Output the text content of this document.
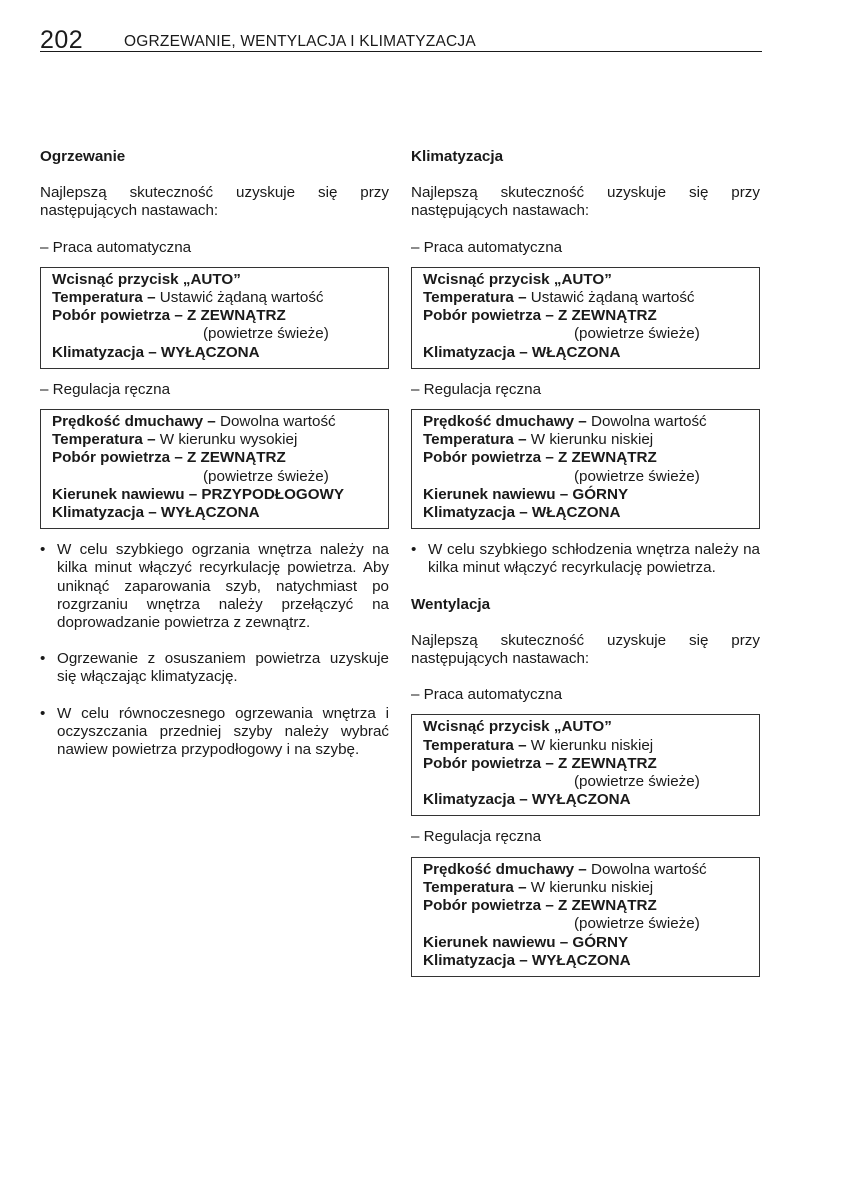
202	OGRZEWANIE, WENTYLACJA I KLIMATYZACJA
Ogrzewanie
Najlepszą skuteczność uzyskuje się przy następujących nastawach:
– Praca automatyczna
Wcisnąć przycisk „AUTO”
Temperatura – Ustawić żądaną wartość
Pobór powietrza – Z ZEWNĄTRZ
(powietrze świeże)
Klimatyzacja – WYŁĄCZONA
– Regulacja ręczna
Prędkość dmuchawy – Dowolna wartość
Temperatura – W kierunku wysokiej
Pobór powietrza – Z ZEWNĄTRZ
(powietrze świeże)
Kierunek nawiewu – PRZYPODŁOGOWY
Klimatyzacja – WYŁĄCZONA
• W celu szybkiego ogrzania wnętrza należy na kilka minut włączyć recyrkulację powietrza. Aby uniknąć zaparowania szyb, natychmiast po rozgrzaniu wnętrza należy przełączyć na doprowadzanie powietrza z zewnątrz.
• Ogrzewanie z osuszaniem powietrza uzyskuje się włączając klimatyzację.
• W celu równoczesnego ogrzewania wnętrza i oczyszczania przedniej szyby należy wybrać nawiew powietrza przypodłogowy i na szybę.
Klimatyzacja
Najlepszą skuteczność uzyskuje się przy następujących nastawach:
– Praca automatyczna
Wcisnąć przycisk „AUTO”
Temperatura – Ustawić żądaną wartość
Pobór powietrza – Z ZEWNĄTRZ
(powietrze świeże)
Klimatyzacja – WŁĄCZONA
– Regulacja ręczna
Prędkość dmuchawy – Dowolna wartość
Temperatura – W kierunku niskiej
Pobór powietrza – Z ZEWNĄTRZ
(powietrze świeże)
Kierunek nawiewu – GÓRNY
Klimatyzacja – WŁĄCZONA
• W celu szybkiego schłodzenia wnętrza należy na kilka minut włączyć recyrkulację powietrza.
Wentylacja
Najlepszą skuteczność uzyskuje się przy następujących nastawach:
– Praca automatyczna
Wcisnąć przycisk „AUTO”
Temperatura – W kierunku niskiej
Pobór powietrza – Z ZEWNĄTRZ
(powietrze świeże)
Klimatyzacja – WYŁĄCZONA
– Regulacja ręczna
Prędkość dmuchawy – Dowolna wartość
Temperatura – W kierunku niskiej
Pobór powietrza – Z ZEWNĄTRZ
(powietrze świeże)
Kierunek nawiewu – GÓRNY
Klimatyzacja – WYŁĄCZONA
